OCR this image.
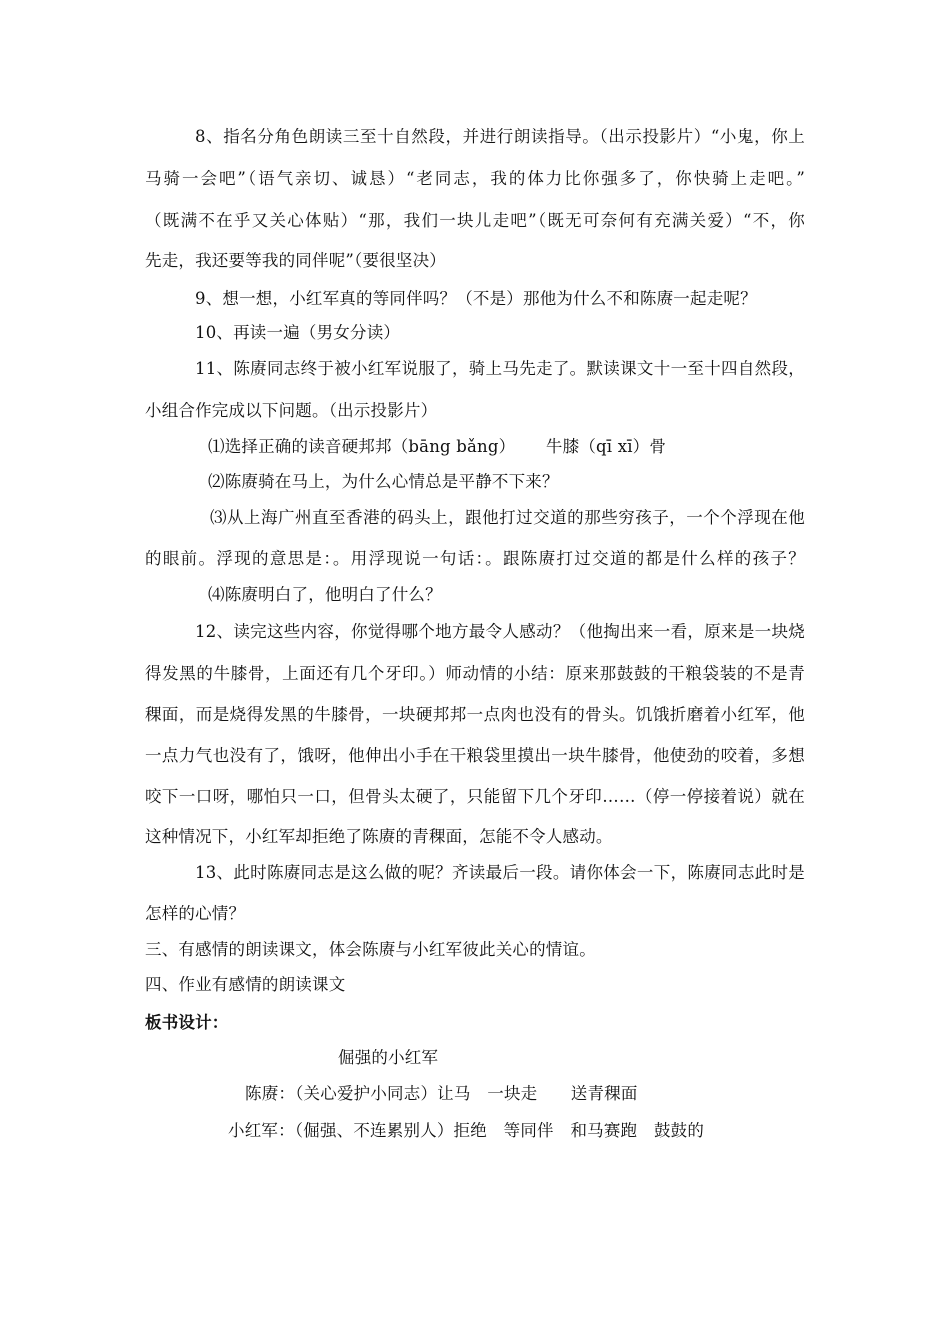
8、指名分角色朗读三至十自然段，并进行朗读指导。（出示投影片）“小鬼，你上
马骑一会吧”（语气亲切、诚恳）“老同志，我的体力比你强多了，你快骑上走吧。”
（既满不在乎又关心体贴）“那，我们一块儿走吧”（既无可奈何有充满关爱）“不，你
先走，我还要等我的同伴呢”（要很坚决）
9、想一想，小红军真的等同伴吗？（不是）那他为什么不和陈赓一起走呢？
10、再读一遍（男女分读）
11、陈赓同志终于被小红军说服了，骑上马先走了。默读课文十一至十四自然段，
小组合作完成以下问题。（出示投影片）
⑴选择正确的读音硬邦邦（bāng bǎng）　　 牛膝（qī xī）骨
⑵陈赓骑在马上，为什么心情总是平静不下来？
⑶从上海广州直至香港的码头上，跟他打过交道的那些穷孩子，一个个浮现在他
的眼前。浮现的意思是：。用浮现说一句话：。跟陈赓打过交道的都是什么样的孩子？
⑷陈赓明白了，他明白了什么？
12、读完这些内容，你觉得哪个地方最令人感动？（他掏出来一看，原来是一块烧
得发黑的牛膝骨，上面还有几个牙印。）师动情的小结：原来那鼓鼓的干粮袋装的不是青
稞面，而是烧得发黑的牛膝骨，一块硬邦邦一点肉也没有的骨头。饥饿折磨着小红军，他
一点力气也没有了，饿呀，他伸出小手在干粮袋里摸出一块牛膝骨，他使劲的咬着，多想
咬下一口呀，哪怕只一口，但骨头太硬了，只能留下几个牙印……（停一停接着说）就在
这种情况下，小红军却拒绝了陈赓的青稞面，怎能不令人感动。
13、此时陈赓同志是这么做的呢？齐读最后一段。请你体会一下，陈赓同志此时是
怎样的心情？
三、有感情的朗读课文，体会陈赓与小红军彼此关心的情谊。
四、作业有感情的朗读课文
板书设计：
倔强的小红军
陈赓：（关心爱护小同志）让马　一块走　　送青稞面
小红军：（倔强、不连累别人）拒绝　等同伴　和马赛跑　鼓鼓的
